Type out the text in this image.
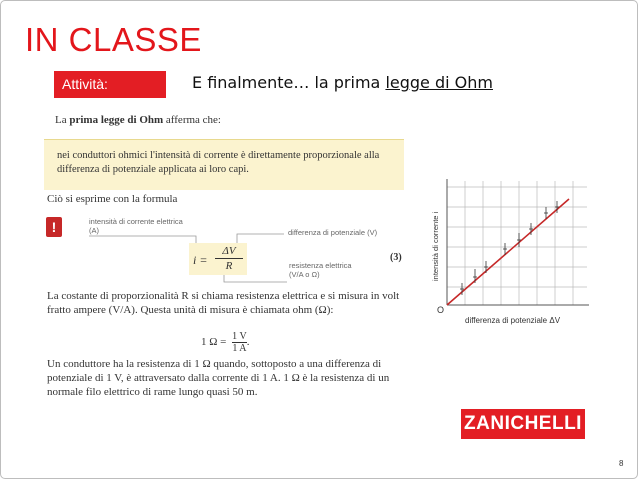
IN CLASSE
Attività:	E finalmente… la prima legge di Ohm
La prima legge di Ohm afferma che:
nei conduttori ohmici l'intensità di corrente è direttamente proporzionale alla differenza di potenziale applicata ai loro capi.
Ciò si esprime con la formula
!	intensità di corrente elettrica (A)	differenza di potenziale (V)
resistenza elettrica
(V/A o Ω)
i =
ΔV
R
(3)
La costante di proporzionalità R si chiama resistenza elettrica e si misura in volt fratto ampere (V/A). Questa unità di misura è chiamata ohm (Ω):
1 $\Omega = \frac{1 V}{1 A}$ .
Un conduttore ha la resistenza di 1 Ω quando, sottoposto a una differenza di potenziale di 1 V, è attraversato dalla corrente di 1 A. 1 Ω è la resistenza di un normale filo elettrico di rame lungo quasi 50 m.
O
differenza di potenziale ΔV
intensità di corrente i
ZANICHELLI
8
